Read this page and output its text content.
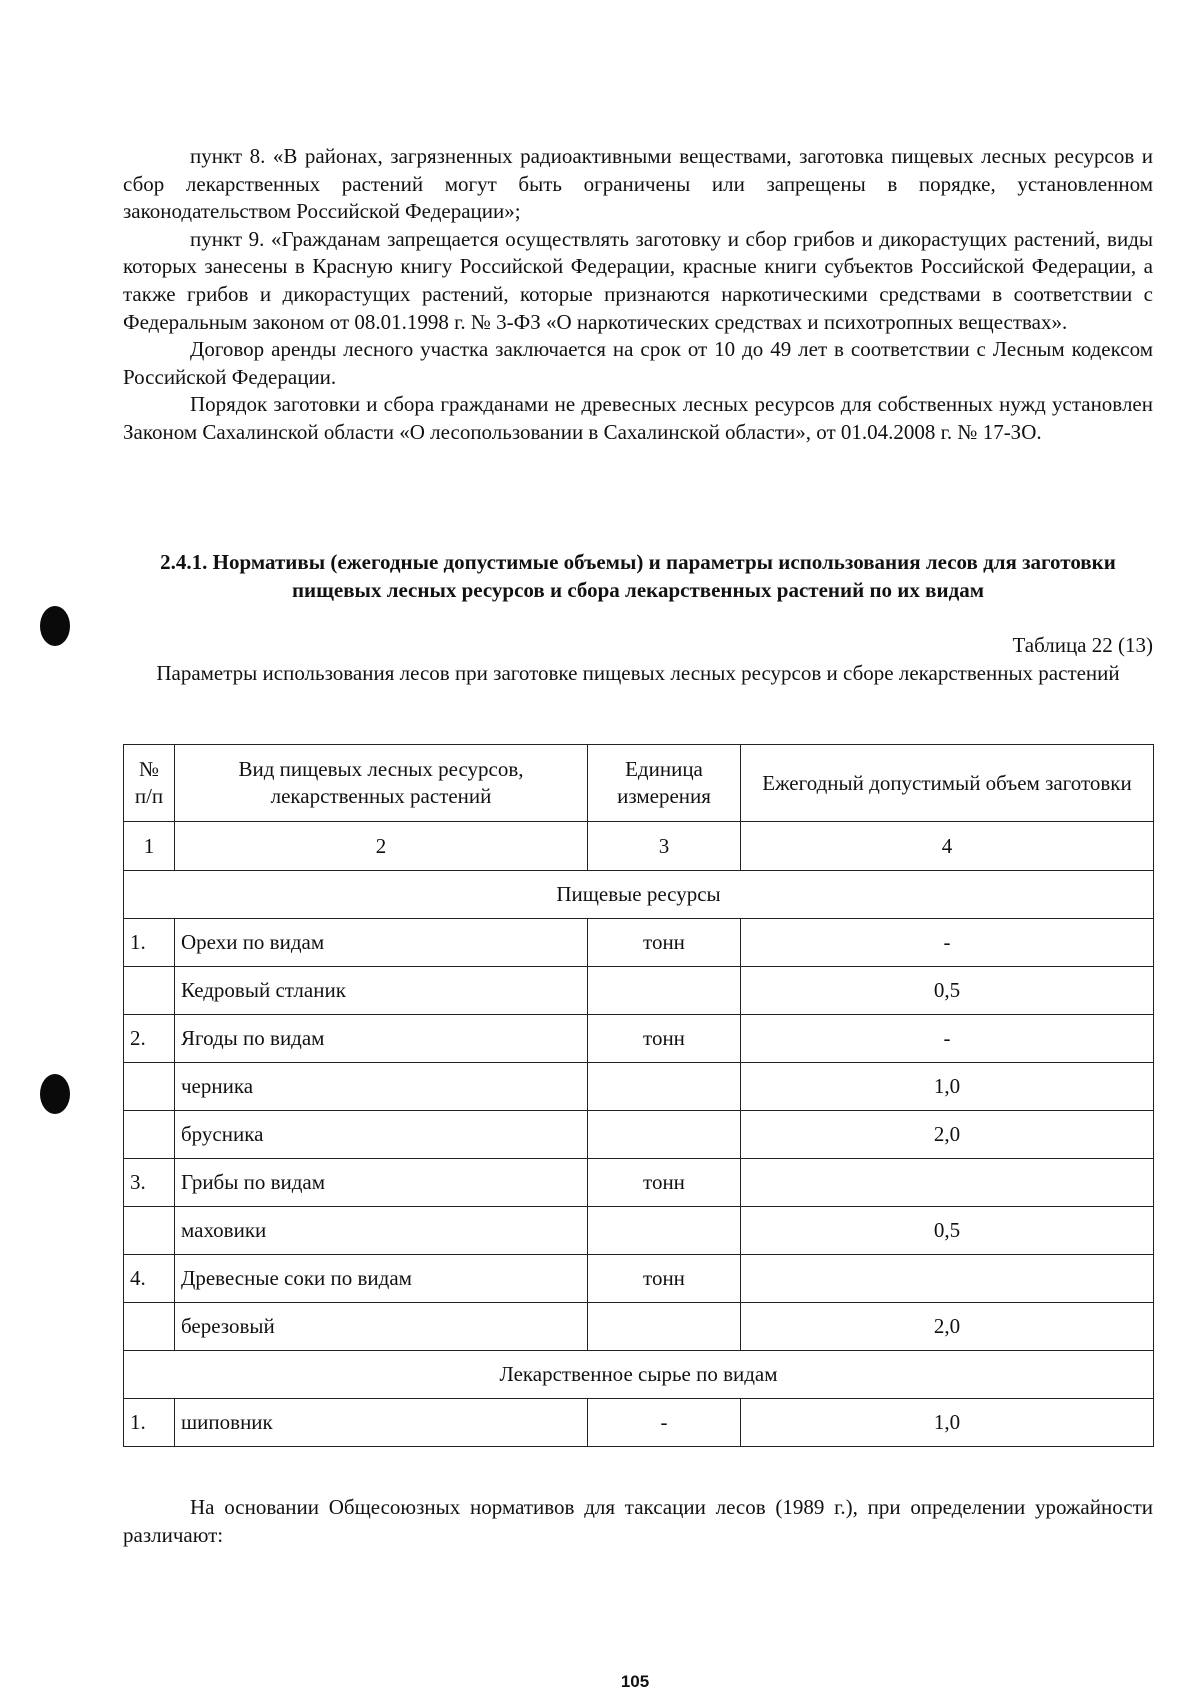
пункт 8. «В районах, загрязненных радиоактивными веществами, заготовка пищевых лесных ресурсов и сбор лекарственных растений могут быть ограничены или запрещены в порядке, установленном законодательством Российской Федерации»;

пункт 9. «Гражданам запрещается осуществлять заготовку и сбор грибов и дикорастущих растений, виды которых занесены в Красную книгу Российской Федерации, красные книги субъектов Российской Федерации, а также грибов и дикорастущих растений, которые признаются наркотическими средствами в соответствии с Федеральным законом от 08.01.1998 г. № 3-ФЗ «О наркотических средствах и психотропных веществах».

Договор аренды лесного участка заключается на срок от 10 до 49 лет в соответствии с Лесным кодексом Российской Федерации.

Порядок заготовки и сбора гражданами не древесных лесных ресурсов для собственных нужд установлен Законом Сахалинской области «О лесопользовании в Сахалинской области», от 01.04.2008 г. № 17-ЗО.

2.4.1. Нормативы (ежегодные допустимые объемы) и параметры использования лесов для заготовки пищевых лесных ресурсов и сбора лекарственных растений по их видам
Таблица 22 (13)
Параметры использования лесов при заготовке пищевых лесных ресурсов и сборе лекарственных растений
№ п/п	Вид пищевых лесных ресурсов, лекарственных растений	Единица измерения	Ежегодный допустимый объем заготовки
1	2	3	4
Пищевые ресурсы			
1.	Орехи по видам	тонн	-
	Кедровый стланик		0,5
2.	Ягоды по видам	тонн	-
	черника		1,0
	брусника		2,0
3.	Грибы по видам	тонн	
	маховики		0,5
4.	Древесные соки по видам	тонн	
	березовый		2,0
Лекарственное сырье по видам			
1.	шиповник	-	1,0

На основании Общесоюзных нормативов для таксации лесов (1989 г.), при определении урожайности различают:

105
